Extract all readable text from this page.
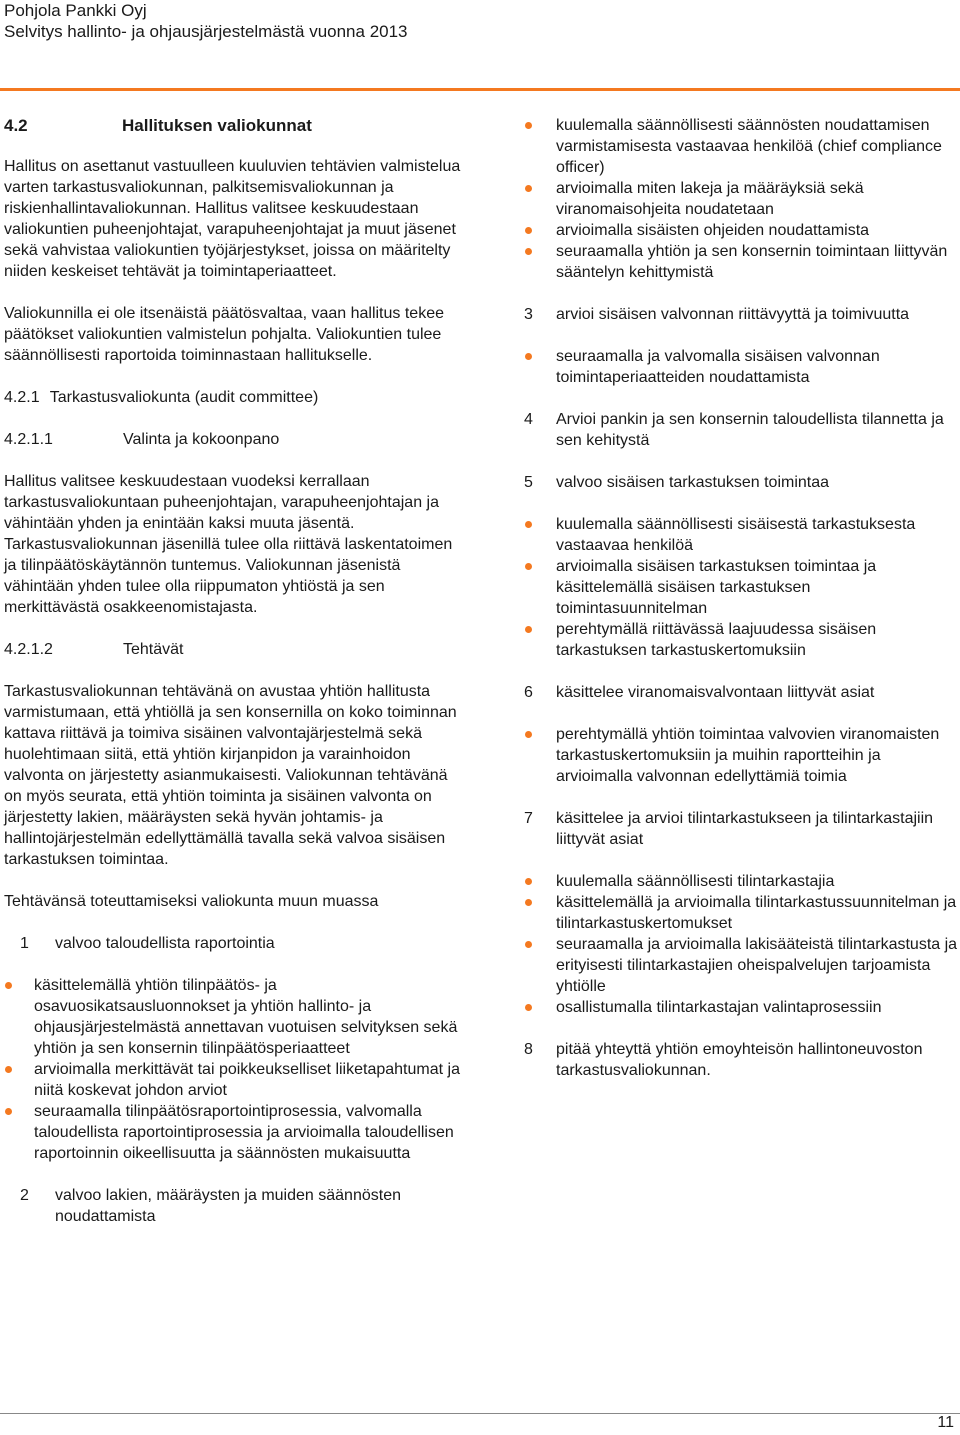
Pohjola Pankki Oyj
Selvitys hallinto- ja ohjausjärjestelmästä vuonna 2013
4.2	Hallituksen valiokunnat

Hallitus on asettanut vastuulleen kuuluvien tehtävien valmistelua varten tarkastusvaliokunnan, palkitsemisvaliokunnan ja riskienhallintavaliokunnan. Hallitus valitsee keskuudestaan valiokuntien puheenjohtajat, varapuheenjohtajat ja muut jäsenet sekä vahvistaa valiokuntien työjärjestykset, joissa on määritelty niiden keskeiset tehtävät ja toimintaperiaatteet.

Valiokunnilla ei ole itsenäistä päätösvaltaa, vaan hallitus tekee päätökset valiokuntien valmistelun pohjalta. Valiokuntien tulee säännöllisesti raportoida toiminnastaan hallitukselle.

4.2.1 Tarkastusvaliokunta (audit committee)
4.2.1.1	Valinta ja kokoonpano

Hallitus valitsee keskuudestaan vuodeksi kerrallaan tarkastusvaliokuntaan puheenjohtajan, varapuheenjohtajan ja vähintään yhden ja enintään kaksi muuta jäsentä. Tarkastusvaliokunnan jäsenillä tulee olla riittävä laskentatoimen ja tilinpäätöskäytännön tuntemus. Valiokunnan jäsenistä vähintään yhden tulee olla riippumaton yhtiöstä ja sen merkittävästä osakkeenomistajasta.

4.2.1.2	Tehtävät

Tarkastusvaliokunnan tehtävänä on avustaa yhtiön hallitusta varmistumaan, että yhtiöllä ja sen konsernilla on koko toiminnan kattava riittävä ja toimiva sisäinen valvontajärjestelmä sekä huolehtimaan siitä, että yhtiön kirjanpidon ja varainhoidon valvonta on järjestetty asianmukaisesti. Valiokunnan tehtävänä on myös seurata, että yhtiön toiminta ja sisäinen valvonta on järjestetty lakien, määräysten sekä hyvän johtamis- ja hallintojärjestelmän edellyttämällä tavalla sekä valvoa sisäisen tarkastuksen toimintaa.

Tehtävänsä toteuttamiseksi valiokunta muun muassa

1 valvoo taloudellista raportointia
käsittelemällä yhtiön tilinpäätös- ja osavuosikatsausluonnokset ja yhtiön hallinto- ja ohjausjärjestelmästä annettavan vuotuisen selvityksen sekä yhtiön ja sen konsernin tilinpäätösperiaatteet
arvioimalla merkittävät tai poikkeukselliset liiketapahtumat ja niitä koskevat johdon arviot
seuraamalla tilinpäätösraportointiprosessia, valvomalla taloudellista raportointiprosessia ja arvioimalla taloudellisen raportoinnin oikeellisuutta ja säännösten mukaisuutta
2 valvoo lakien, määräysten ja muiden säännösten noudattamista
kuulemalla säännöllisesti säännösten noudattamisen varmistamisesta vastaavaa henkilöä (chief compliance officer)
arvioimalla miten lakeja ja määräyksiä sekä viranomaisohjeita noudatetaan
arvioimalla sisäisten ohjeiden noudattamista
seuraamalla yhtiön ja sen konsernin toimintaan liittyvän sääntelyn kehittymistä
3 arvioi sisäisen valvonnan riittävyyttä ja toimivuutta
seuraamalla ja valvomalla sisäisen valvonnan toimintaperiaatteiden noudattamista
4 Arvioi pankin ja sen konsernin taloudellista tilannetta ja sen kehitystä
5 valvoo sisäisen tarkastuksen toimintaa
kuulemalla säännöllisesti sisäisestä tarkastuksesta vastaavaa henkilöä
arvioimalla sisäisen tarkastuksen toimintaa ja käsittelemällä sisäisen tarkastuksen toimintasuunnitelman
perehtymällä riittävässä laajuudessa sisäisen tarkastuksen tarkastuskertomuksiin
6 käsittelee viranomaisvalvontaan liittyvät asiat
perehtymällä yhtiön toimintaa valvovien viranomaisten tarkastuskertomuksiin ja muihin raportteihin ja arvioimalla valvonnan edellyttämiä toimia
7 käsittelee ja arvioi tilintarkastukseen ja tilintarkastajiin liittyvät asiat
kuulemalla säännöllisesti tilintarkastajia
käsittelemällä ja arvioimalla tilintarkastussuunnitelman ja tilintarkastuskertomukset
seuraamalla ja arvioimalla lakisääteistä tilintarkastusta ja erityisesti tilintarkastajien oheispalvelujen tarjoamista yhtiölle
osallistumalla tilintarkastajan valintaprosessiin
8 pitää yhteyttä yhtiön emoyhteisön hallintoneuvoston tarkastusvaliokunnan.
11
